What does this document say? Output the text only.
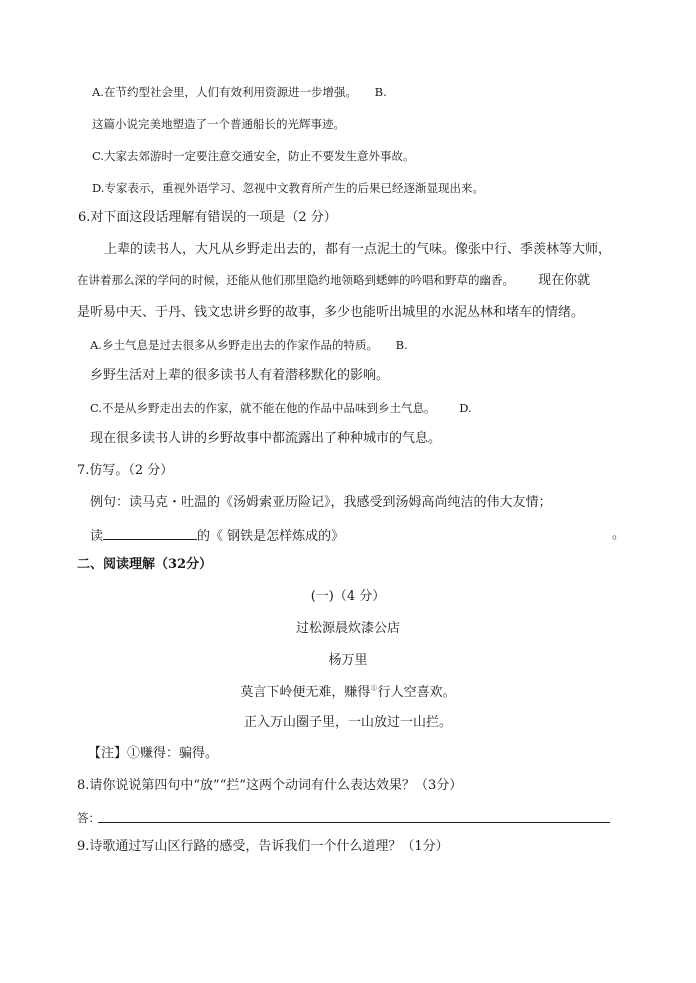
A.在节约型社会里，人们有效利用资源进一步增强。 B.
这篇小说完美地塑造了一个普通船长的光辉事迹。
C.大家去郊游时一定要注意交通安全，防止不要发生意外事故。
D.专家表示，重视外语学习、忽视中文教育所产生的后果已经逐渐显现出来。
6.对下面这段话理解有错误的一项是（2 分）
上辈的读书人，大凡从乡野走出去的，都有一点泥土的气味。像张中行、季羡林等大师，
在讲着那么深的学问的时候，还能从他们那里隐约地领略到蟋蟀的吟唱和野草的幽香。 现在你就
是听易中天、于丹、钱文忠讲乡野的故事，多少也能听出城里的水泥丛林和堵车的情绪。
A.乡土气息是过去很多从乡野走出去的作家作品的特质。 B.
乡野生活对上辈的很多读书人有着潜移默化的影响。
C.不是从乡野走出去的作家，就不能在他的作品中品味到乡土气息。 D.
现在很多读书人讲的乡野故事中都流露出了种种城市的气息。
7.仿写。（2 分）
例句：读马克・吐温的《汤姆索亚历险记》，我感受到汤姆高尚纯洁的伟大友情；
读	的《 钢铁是怎样炼成的》	。
二、阅读理解（32分）
(一)（4 分）
过松源晨炊漆公店
杨万里
莫言下岭便无难，赚得①行人空喜欢。
正入万山圈子里，一山放过一山拦。
【注】①赚得：骗得。
8.请你说说第四句中“放”“拦”这两个动词有什么表达效果？（3分）
答：
9.诗歌通过写山区行路的感受，告诉我们一个什么道理？（1分）
